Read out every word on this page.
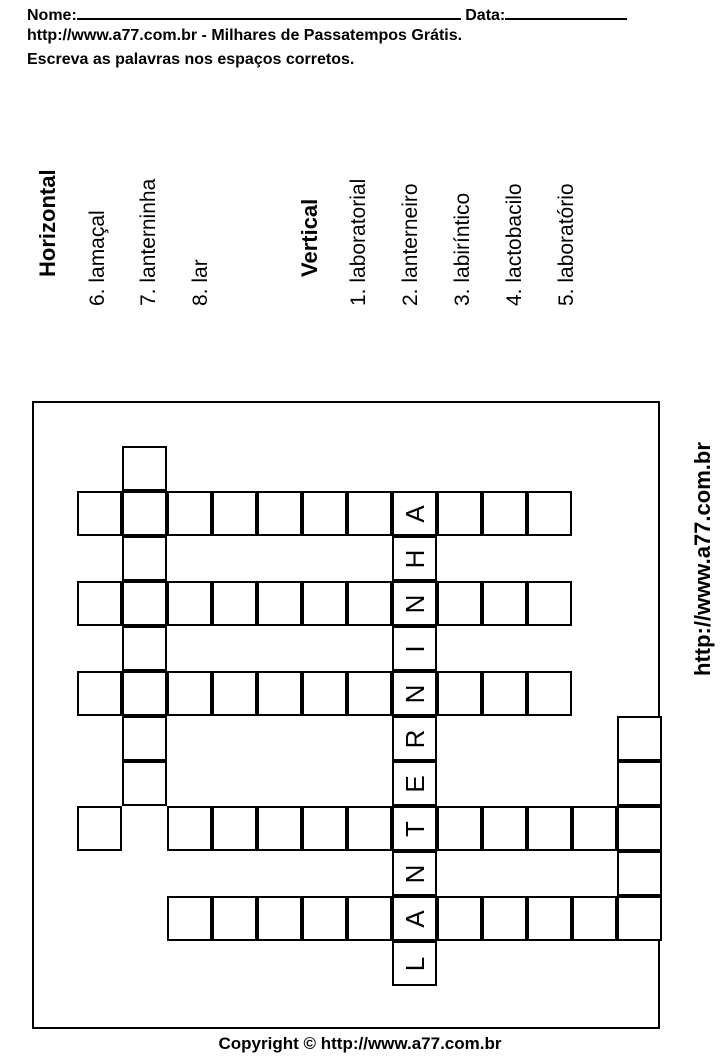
Nome:	Data:
http://www.a77.com.br - Milhares de Passatempos Grátis.
Escreva as palavras nos espaços corretos.
Horizontal 6. lamaçal 7. lanterninha 8. lar
Vertical 1. laboratorial 2. lanterneiro 3. labiríntico 4. lactobacilo 5. laboratório
http://www.a77.com.br
Copyright © http://www.a77.com.br
A
N
N
T
A
H
I
R
E
N
L
